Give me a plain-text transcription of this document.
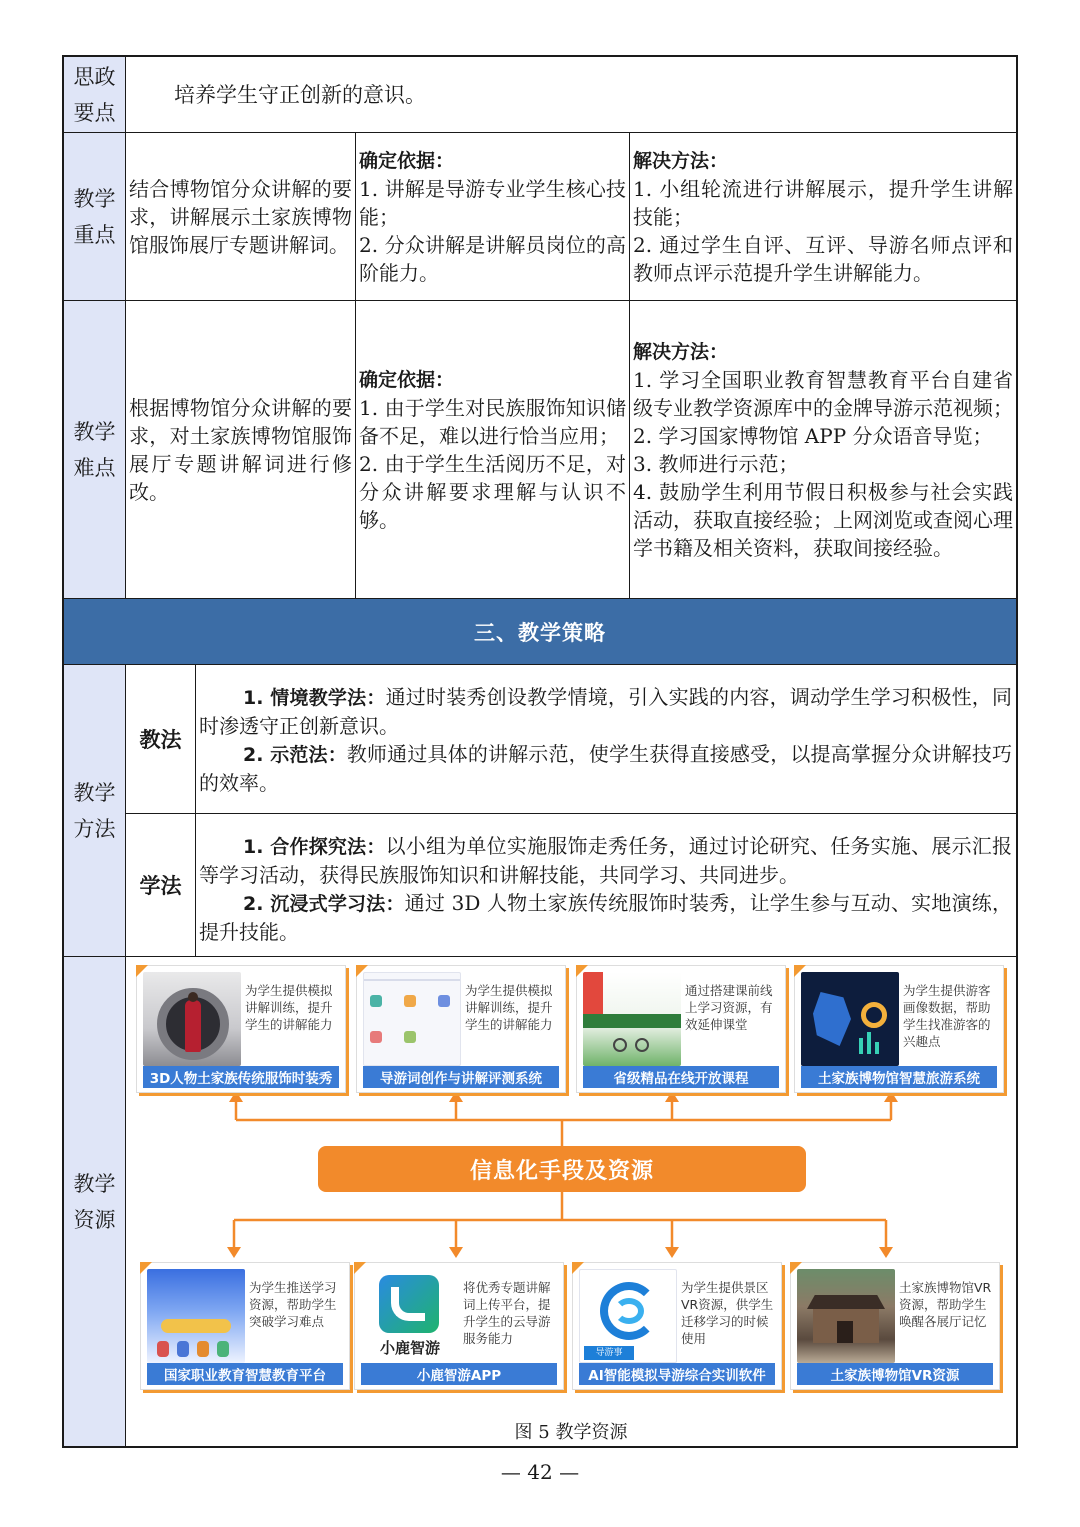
思政
要点
培养学生守正创新的意识。
教学
重点
结合博物馆分众讲解的要求，讲解展示土家族博物馆服饰展厅专题讲解词。
确定依据：
1. 讲解是导游专业学生核心技能；
2. 分众讲解是讲解员岗位的高阶能力。
解决方法：
1. 小组轮流进行讲解展示，提升学生讲解技能；
2. 通过学生自评、互评、导游名师点评和教师点评示范提升学生讲解能力。
教学
难点
根据博物馆分众讲解的要求，对土家族博物馆服饰展厅专题讲解词进行修改。
确定依据：
1. 由于学生对民族服饰知识储备不足，难以进行恰当应用；
2. 由于学生生活阅历不足，对分众讲解要求理解与认识不够。
解决方法：
1. 学习全国职业教育智慧教育平台自建省级专业教学资源库中的金牌导游示范视频；
2. 学习国家博物馆 APP 分众语音导览；
3. 教师进行示范；
4. 鼓励学生利用节假日积极参与社会实践活动，获取直接经验；上网浏览或查阅心理学书籍及相关资料，获取间接经验。
三、教学策略
教学
方法
教法

1. 情境教学法：通过时装秀创设教学情境，引入实践的内容，调动学生学习积极性，同时渗透守正创新意识。

2. 示范法：教师通过具体的讲解示范，使学生获得直接感受，以提高掌握分众讲解技巧的效率。

学法

1. 合作探究法：以小组为单位实施服饰走秀任务，通过讨论研究、任务实施、展示汇报等学习活动，获得民族服饰知识和讲解技能，共同学习、共同进步。

2. 沉浸式学习法：通过 3D 人物土家族传统服饰时装秀，让学生参与互动、实地演练，提升技能。

教学
资源
信息化手段及资源
为学生提供模拟讲解训练，提升学生的讲解能力
3D人物土家族传统服饰时装秀
为学生提供模拟讲解训练，提升学生的讲解能力
导游词创作与讲解评测系统
通过搭建课前线上学习资源，有效延伸课堂
省级精品在线开放课程
为学生提供游客画像数据，帮助学生找准游客的兴趣点
土家族博物馆智慧旅游系统
为学生推送学习资源，帮助学生突破学习难点
国家职业教育智慧教育平台
小鹿智游
将优秀专题讲解词上传平台，提升学生的云导游服务能力
小鹿智游APP
导游事
为学生提供景区VR资源，供学生迁移学习的时候使用
AI智能模拟导游综合实训软件
土家族博物馆VR资源，帮助学生唤醒各展厅记忆
土家族博物馆VR资源
图 5 教学资源
— 42 —
